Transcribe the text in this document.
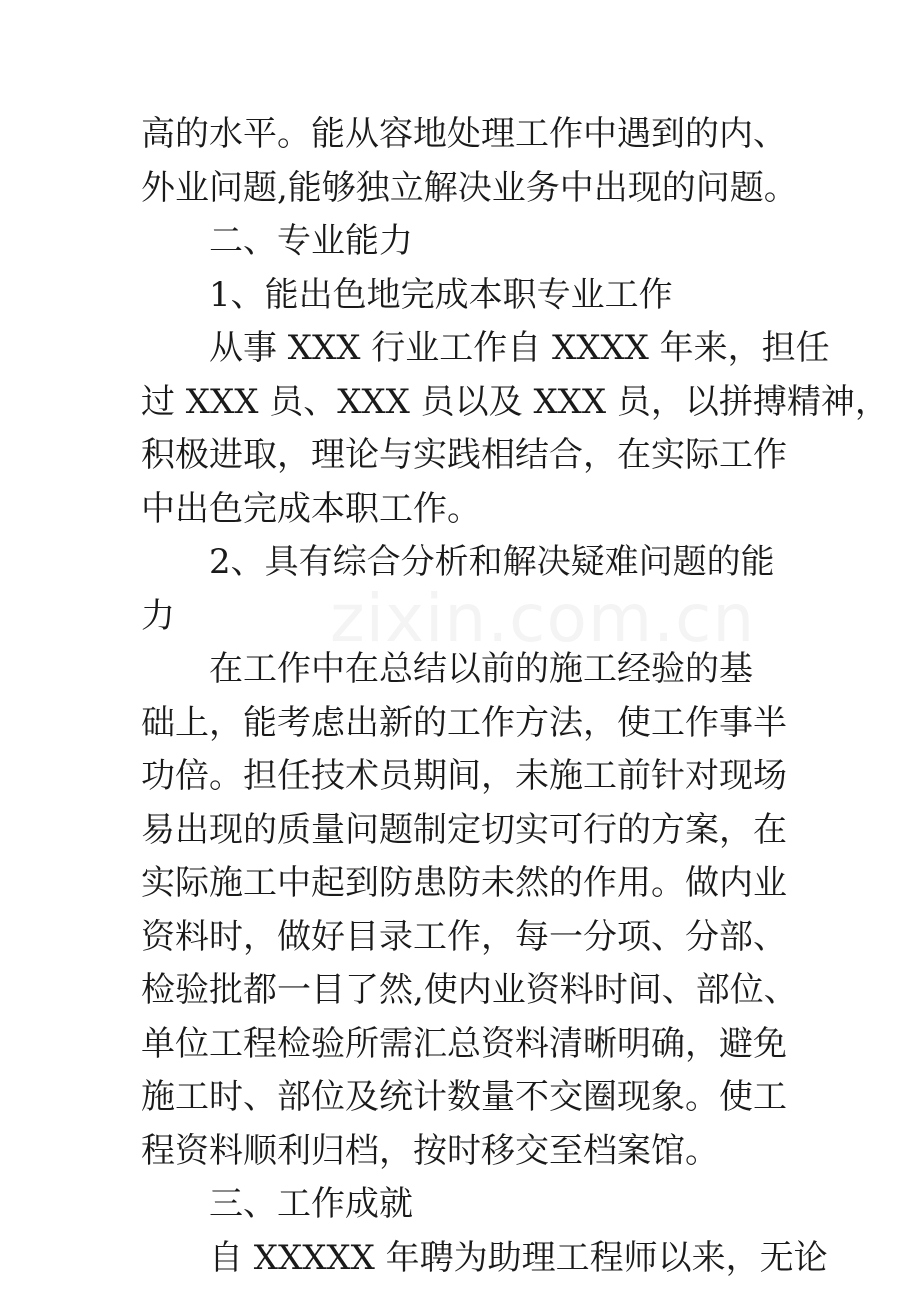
zixin.com.cn
高的水平。能从容地处理工作中遇到的内、
外业问题,能够独立解决业务中出现的问题。
二、专业能力
1、能出色地完成本职专业工作
从事 XXX 行业工作自 XXXX 年来，担任
过 XXX 员、XXX 员以及 XXX 员，以拼搏精神，
积极进取，理论与实践相结合，在实际工作
中出色完成本职工作。
2、具有综合分析和解决疑难问题的能
力
在工作中在总结以前的施工经验的基
础上，能考虑出新的工作方法，使工作事半
功倍。担任技术员期间，未施工前针对现场
易出现的质量问题制定切实可行的方案，在
实际施工中起到防患防未然的作用。做内业
资料时，做好目录工作，每一分项、分部、
检验批都一目了然,使内业资料时间、部位、
单位工程检验所需汇总资料清晰明确，避免
施工时、部位及统计数量不交圈现象。使工
程资料顺利归档，按时移交至档案馆。
三、工作成就
自 XXXXX 年聘为助理工程师以来，无论
